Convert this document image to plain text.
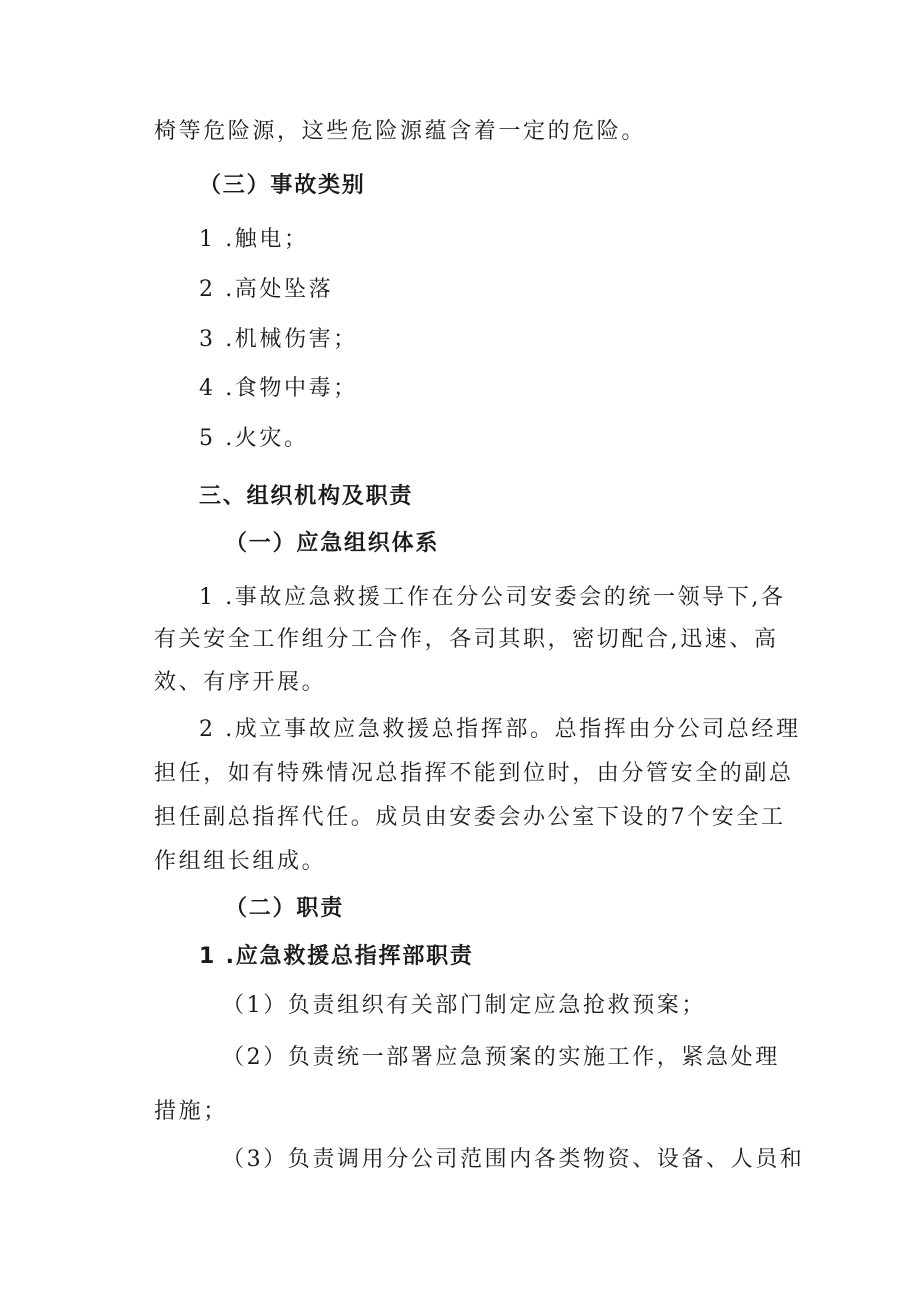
椅等危险源，这些危险源蕴含着一定的危险。

（三）事故类别

1 .触电；

2 .高处坠落

3 .机械伤害；

4 .食物中毒；

5 .火灾。

三、组织机构及职责

（一）应急组织体系

1 .事故应急救援工作在分公司安委会的统一领导下,各

有关安全工作组分工合作，各司其职，密切配合,迅速、高

效、有序开展。

2 .成立事故应急救援总指挥部。总指挥由分公司总经理

担任，如有特殊情况总指挥不能到位时，由分管安全的副总

担任副总指挥代任。成员由安委会办公室下设的7个安全工

作组组长组成。

（二）职责

1 .应急救援总指挥部职责

（1）负责组织有关部门制定应急抢救预案；

（2）负责统一部署应急预案的实施工作，紧急处理

措施；

（3）负责调用分公司范围内各类物资、设备、人员和
